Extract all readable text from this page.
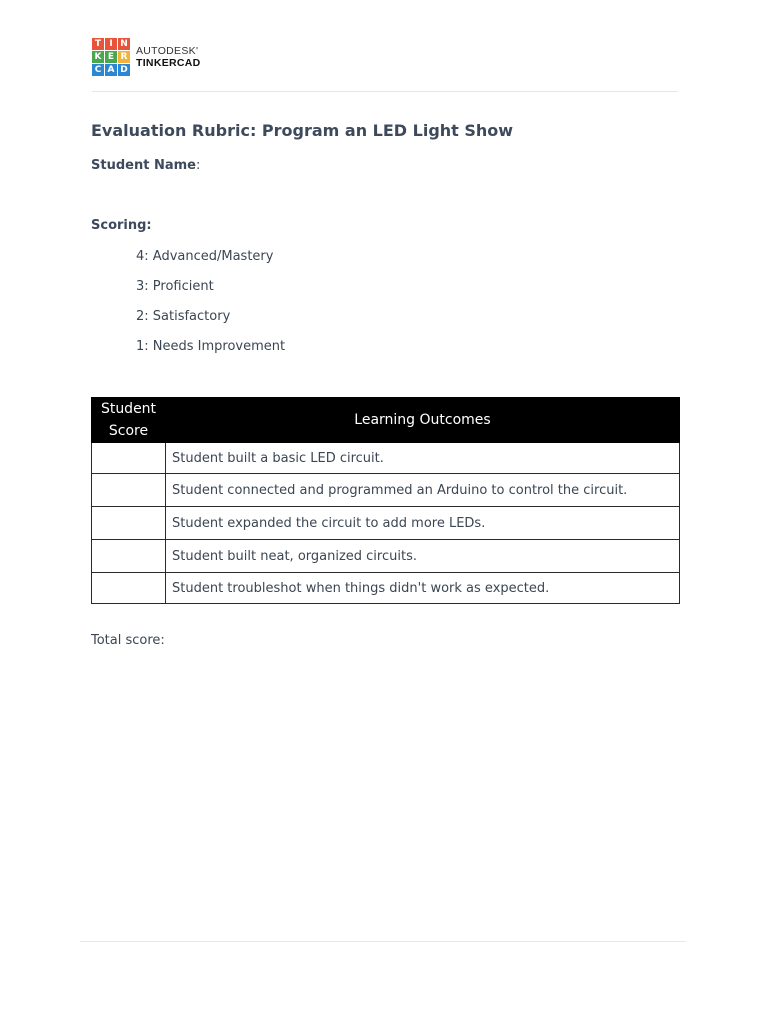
T I N
K E R
C A D
AUTODESK'
TINKERCAD
Evaluation Rubric: Program an LED Light Show
Student Name:
Scoring:
4: Advanced/Mastery
3: Proficient
2: Satisfactory
1: Needs Improvement
Student
Score	Learning Outcomes
	Student built a basic LED circuit.
	Student connected and programmed an Arduino to control the circuit.
	Student expanded the circuit to add more LEDs.
	Student built neat, organized circuits.
	Student troubleshot when things didn't work as expected.
Total score:
